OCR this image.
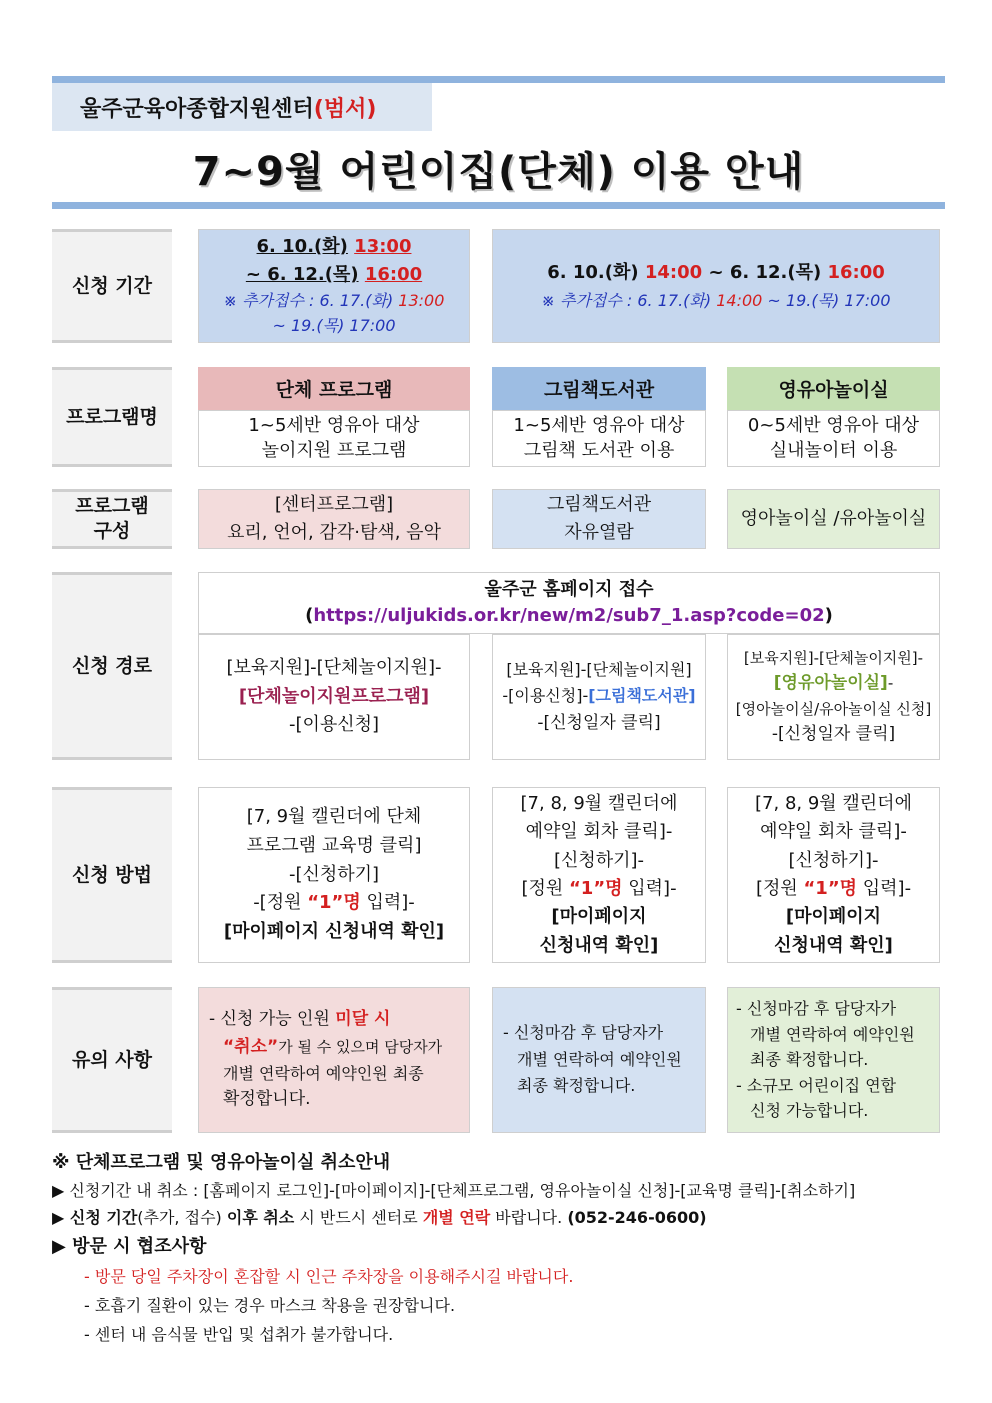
울주군육아종합지원센터 (범서)
7~9월 어린이집(단체) 이용 안내
신청 기간
6. 10.(화) 13:00
~ 6. 12.(목) 16:00
※ 추가접수 : 6. 17.(화) 13:00
~ 19.(목) 17:00
6. 10.(화) 14:00 ~ 6. 12.(목) 16:00
※ 추가접수 : 6. 17.(화) 14:00 ~ 19.(목) 17:00
프로그램명
단체 프로그램
1~5세반 영유아 대상
놀이지원 프로그램
그림책도서관
1~5세반 영유아 대상
그림책 도서관 이용
영유아놀이실
0~5세반 영유아 대상
실내놀이터 이용
프로그램
구성
[센터프로그램]
요리, 언어, 감각·탐색, 음악
그림책도서관
자유열람
영아놀이실 /유아놀이실
신청 경로
울주군 홈페이지 접수
(https://uljukids.or.kr/new/m2/sub7_1.asp?code=02)
[보육지원]-[단체놀이지원]-
[단체놀이지원프로그램]
-[이용신청]
[보육지원]-[단체놀이지원]
-[이용신청]-[그림책도서관]
-[신청일자 클릭]
[보육지원]-[단체놀이지원]-
[영유아놀이실]-
[영아놀이실/유아놀이실 신청]
-[신청일자 클릭]
신청 방법
[7, 9월 캘린더에 단체
프로그램 교육명 클릭]
-[신청하기]
-[정원 “1”명 입력]-
[마이페이지 신청내역 확인]
[7, 8, 9월 캘린더에
예약일 회차 클릭]-
[신청하기]-
[정원 “1”명 입력]-
[마이페이지
신청내역 확인]
[7, 8, 9월 캘린더에
예약일 회차 클릭]-
[신청하기]-
[정원 “1”명 입력]-
[마이페이지
신청내역 확인]
유의 사항
- 신청 가능 인원 미달 시
“취소”가 될 수 있으며 담당자가
개별 연락하여 예약인원 최종
확정합니다.
- 신청마감 후 담당자가
개별 연락하여 예약인원
최종 확정합니다.
- 신청마감 후 담당자가
개별 연락하여 예약인원
최종 확정합니다.
- 소규모 어린이집 연합
신청 가능합니다.
※ 단체프로그램 및 영유아놀이실 취소안내
▶ 신청기간 내 취소 : [홈페이지 로그인]-[마이페이지]-[단체프로그램, 영유아놀이실 신청]-[교육명 클릭]-[취소하기]
▶ 신청 기간(추가, 접수) 이후 취소 시 반드시 센터로 개별 연락 바랍니다. (052-246-0600)
▶ 방문 시 협조사항
- 방문 당일 주차장이 혼잡할 시 인근 주차장을 이용해주시길 바랍니다.
- 호흡기 질환이 있는 경우 마스크 착용을 권장합니다.
- 센터 내 음식물 반입 및 섭취가 불가합니다.
